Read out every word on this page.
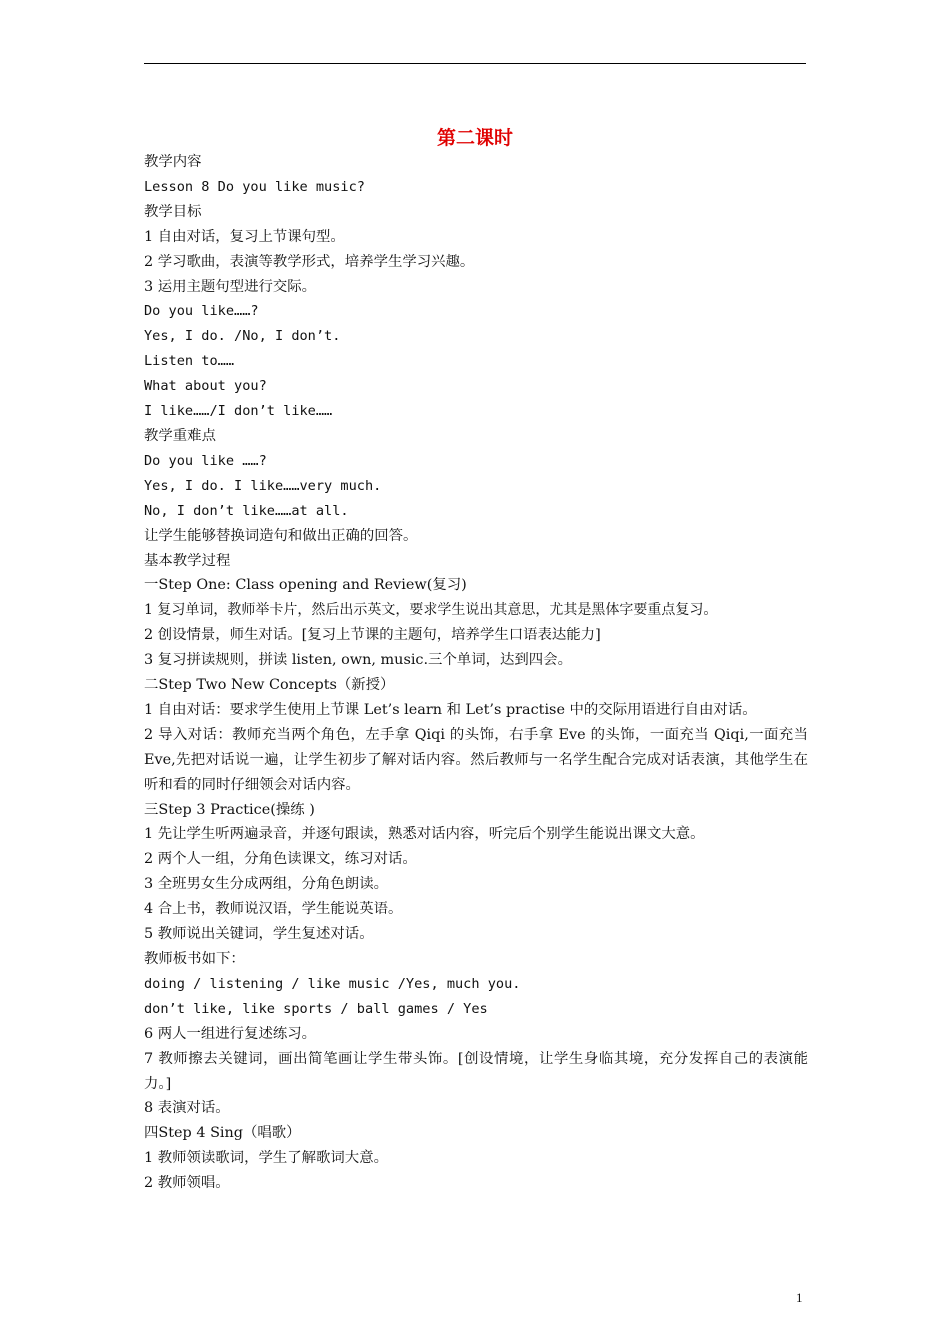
第二课时
教学内容
Lesson 8 Do you like music?
教学目标
1 自由对话，复习上节课句型。
2 学习歌曲，表演等教学形式，培养学生学习兴趣。
3 运用主题句型进行交际。
Do you like……?
Yes, I do. /No, I don’t.
Listen to……
What about you?
I like……/I don’t like……
教学重难点
Do you like ……?
Yes, I do. I like……very much.
No, I don’t like……at all.
让学生能够替换词造句和做出正确的回答。
基本教学过程
一Step One: Class opening and Review(复习)
1 复习单词，教师举卡片，然后出示英文，要求学生说出其意思，尤其是黑体字要重点复习。
2 创设情景，师生对话。[复习上节课的主题句，培养学生口语表达能力]
3 复习拼读规则，拼读 listen, own, music.三个单词，达到四会。
二Step Two New Concepts（新授）
1 自由对话：要求学生使用上节课 Let’s learn 和 Let’s practise 中的交际用语进行自由对话。
2 导入对话：教师充当两个角色，左手拿 Qiqi 的头饰，右手拿 Eve 的头饰，一面充当 Qiqi,一面充当 Eve,先把对话说一遍，让学生初步了解对话内容。然后教师与一名学生配合完成对话表演，其他学生在听和看的同时仔细领会对话内容。
三Step 3 Practice(操练 )
1 先让学生听两遍录音，并逐句跟读，熟悉对话内容，听完后个别学生能说出课文大意。
2 两个人一组，分角色读课文，练习对话。
3 全班男女生分成两组，分角色朗读。
4 合上书，教师说汉语，学生能说英语。
5 教师说出关键词，学生复述对话。
教师板书如下：
doing / listening / like music /Yes, much you.
don’t like, like sports / ball games / Yes
6 两人一组进行复述练习。
7 教师擦去关键词，画出简笔画让学生带头饰。[创设情境，让学生身临其境，充分发挥自己的表演能力。]
8 表演对话。
四Step 4 Sing（唱歌）
1 教师领读歌词，学生了解歌词大意。
2 教师领唱。
1
